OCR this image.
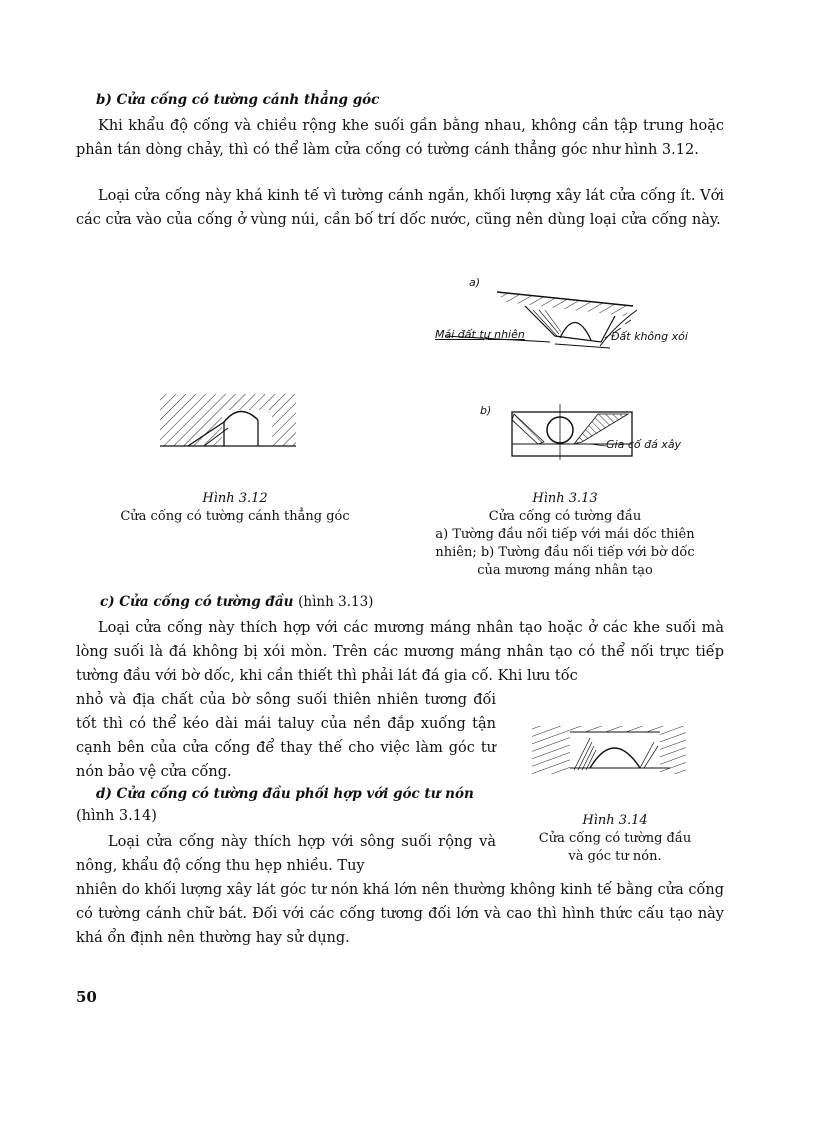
b) Cửa cống có tường cánh thẳng góc

Khi khẩu độ cống và chiều rộng khe suối gần bằng nhau, không cần tập trung hoặc phân tán dòng chảy, thì có thể làm cửa cống có tường cánh thẳng góc như hình 3.12.

Loại cửa cống này khá kinh tế vì tường cánh ngắn, khối lượng xây lát cửa cống ít. Với các cửa vào của cống ở vùng núi, cần bố trí dốc nước, cũng nên dùng loại cửa cống này.

a)
Mái đất tự nhiên	Đất không xói
b)
Gia cố đá xây
Hình 3.12
Cửa cống có tường cánh thẳng góc
Hình 3.13
Cửa cống có tường đầu
a) Tường đầu nối tiếp với mái dốc thiên
nhiên; b) Tường đầu nối tiếp với bờ dốc
của mương máng nhân tạo
c) Cửa cống có tường đầu (hình 3.13)

Loại cửa cống này thích hợp với các mương máng nhân tạo hoặc ở các khe suối mà lòng suối là đá không bị xói mòn. Trên các mương máng nhân tạo có thể nối trực tiếp tường đầu với bờ dốc, khi cần thiết thì phải lát đá gia cố. Khi lưu tốc

nhỏ và địa chất của bờ sông suối thiên nhiên tương đối tốt thì có thể kéo dài mái taluy của nền đắp xuống tận cạnh bên của cửa cống để thay thế cho việc làm góc tư nón bảo vệ cửa cống.

d) Cửa cống có tường đầu phối hợp với góc tư nón
(hình 3.14)

Loại cửa cống này thích hợp với sông suối rộng và nông, khẩu độ cống thu hẹp nhiều. Tuy

nhiên do khối lượng xây lát góc tư nón khá lớn nên thường không kinh tế bằng cửa cống có tường cánh chữ bát. Đối với các cống tương đối lớn và cao thì hình thức cấu tạo này khá ổn định nên thường hay sử dụng.

Hình 3.14
Cửa cống có tường đầu
và góc tư nón.
50
